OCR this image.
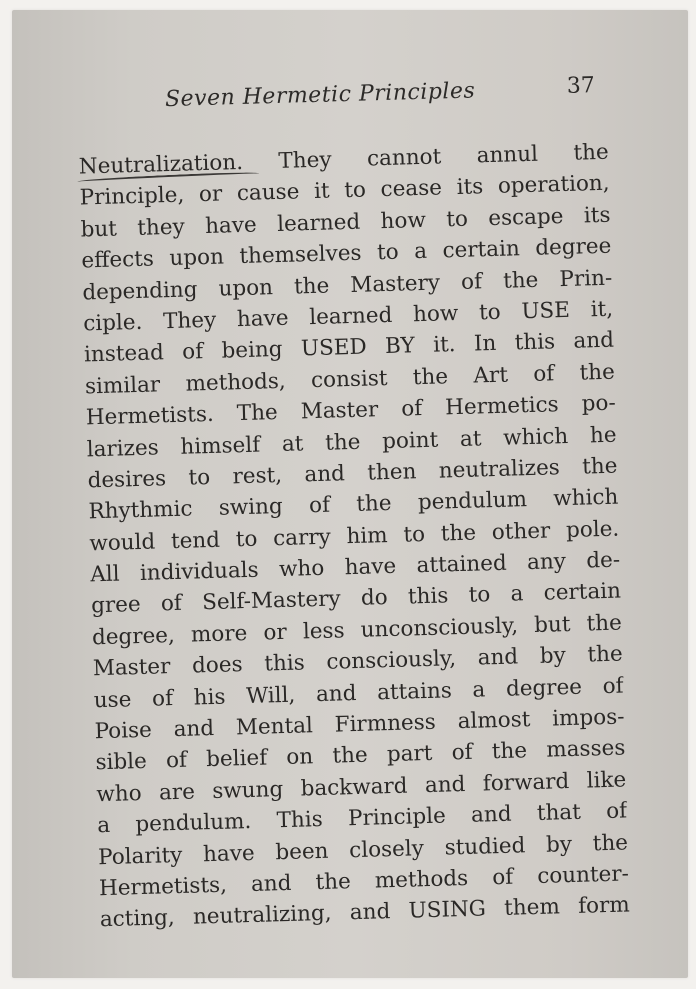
Seven Hermetic Principles	37
Neutralization. They cannot annul the
Principle, or cause it to cease its operation,
but they have learned how to escape its
effects upon themselves to a certain degree
depending upon the Mastery of the Prin-
ciple. They have learned how to USE it,
instead of being USED BY it. In this and
similar methods, consist the Art of the
Hermetists. The Master of Hermetics po-
larizes himself at the point at which he
desires to rest, and then neutralizes the
Rhythmic swing of the pendulum which
would tend to carry him to the other pole.
All individuals who have attained any de-
gree of Self-Mastery do this to a certain
degree, more or less unconsciously, but the
Master does this consciously, and by the
use of his Will, and attains a degree of
Poise and Mental Firmness almost impos-
sible of belief on the part of the masses
who are swung backward and forward like
a pendulum. This Principle and that of
Polarity have been closely studied by the
Hermetists, and the methods of counter-
acting, neutralizing, and USING them form
